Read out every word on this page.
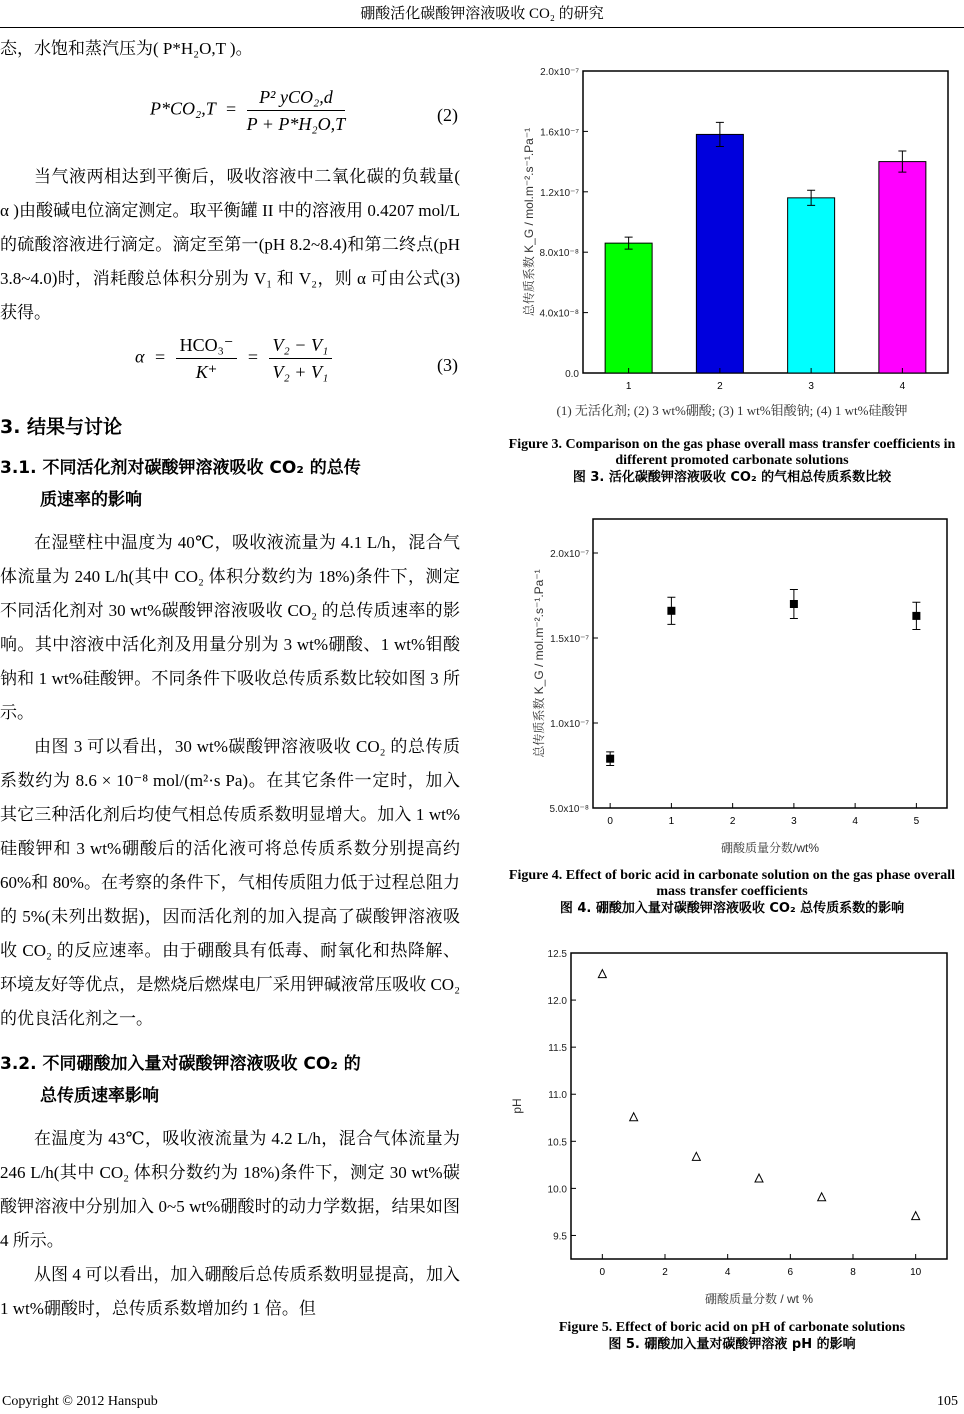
硼酸活化碳酸钾溶液吸收 CO₂ 的研究

态，水饱和蒸汽压为( P*H₂O,T )。

$P*CO_2,T = \frac{\text{P² yCO₂,d}}{\text{P + P*H₂O,T}}$	(2)

当气液两相达到平衡后，吸收溶液中二氧化碳的负载量( α )由酸碱电位滴定测定。取平衡罐 II 中的溶液用 0.4207 mol/L 的硫酸溶液进行滴定。滴定至第一(pH 8.2~8.4)和第二终点(pH 3.8~4.0)时，消耗酸总体积分别为 V₁ 和 V₂，则 α 可由公式(3)获得。

$\alpha = \frac{\text{HCO₃⁻}}{K^+} = \frac{\text{V₂ − V₁}}{\text{V₂ + V₁}}$	(3)
3. 结果与讨论
3.1. 不同活化剂对碳酸钾溶液吸收 CO₂ 的总传
质速率的影响

在湿壁柱中温度为 40℃，吸收液流量为 4.1 L/h，混合气体流量为 240 L/h(其中 CO₂ 体积分数约为 18%)条件下，测定不同活化剂对 30 wt%碳酸钾溶液吸收 CO₂ 的总传质速率的影响。其中溶液中活化剂及用量分别为 3 wt%硼酸、1 wt%钼酸钠和 1 wt%硅酸钾。不同条件下吸收总传质系数比较如图 3 所示。

由图 3 可以看出，30 wt%碳酸钾溶液吸收 CO₂ 的总传质系数约为 8.6 × 10⁻⁸ mol/(m²·s Pa)。在其它条件一定时，加入其它三种活化剂后均使气相总传质系数明显增大。加入 1 wt%硅酸钾和 3 wt%硼酸后的活化液可将总传质系数分别提高约 60%和 80%。在考察的条件下，气相传质阻力低于过程总阻力的 5%(未列出数据)，因而活化剂的加入提高了碳酸钾溶液吸收 CO₂ 的反应速率。由于硼酸具有低毒、耐氧化和热降解、环境友好等优点，是燃烧后燃煤电厂采用钾碱液常压吸收 CO₂ 的优良活化剂之一。

3.2. 不同硼酸加入量对碳酸钾溶液吸收 CO₂ 的
总传质速率影响

在温度为 43℃，吸收液流量为 4.2 L/h，混合气体流量为 246 L/h(其中 CO₂ 体积分数约为 18%)条件下，测定 30 wt%碳酸钾溶液中分别加入 0~5 wt%硼酸时的动力学数据，结果如图 4 所示。

从图 4 可以看出，加入硼酸后总传质系数明显提高，加入 1 wt%硼酸时，总传质系数增加约 1 倍。但

0.0
4.0x10⁻⁸
8.0x10⁻⁸
1.2x10⁻⁷
1.6x10⁻⁷
2.0x10⁻⁷
总传质系数 K_G / mol.m⁻².s⁻¹.Pa⁻¹
1	2	3	4
(1) 无活化剂; (2) 3 wt%硼酸; (3) 1 wt%钼酸钠; (4) 1 wt%硅酸钾
Figure 3. Comparison on the gas phase overall mass transfer coefficients in different promoted carbonate solutions
图 3. 活化碳酸钾溶液吸收 CO₂ 的气相总传质系数比较
5.0x10⁻⁸
1.0x10⁻⁷
1.5x10⁻⁷
2.0x10⁻⁷
总传质系数 K_G / mol.m⁻².s⁻¹.Pa⁻¹
硼酸质量分数/wt%
0	1	2	3	4	5
Figure 4. Effect of boric acid in carbonate solution on the gas phase overall mass transfer coefficients
图 4. 硼酸加入量对碳酸钾溶液吸收 CO₂ 总传质系数的影响
9.5
10.0
10.5
11.0
11.5
12.0
12.5
pH
硼酸质量分数 / wt %
0	2	4	6	8	10
Figure 5. Effect of boric acid on pH of carbonate solutions
图 5. 硼酸加入量对碳酸钾溶液 pH 的影响
Copyright © 2012 Hanspub	105
